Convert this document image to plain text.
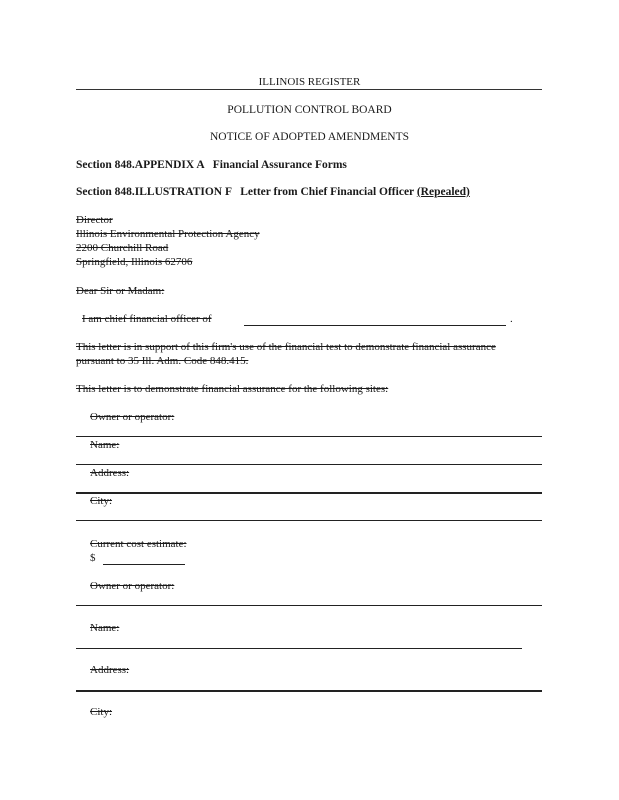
ILLINOIS REGISTER
POLLUTION CONTROL BOARD
NOTICE OF ADOPTED AMENDMENTS
Section 848.APPENDIX A   Financial Assurance Forms
Section 848.ILLUSTRATION F   Letter from Chief Financial Officer (Repealed)
Director
Illinois Environmental Protection Agency
2200 Churchill Road
Springfield, Illinois 62706
Dear Sir or Madam:
I am chief financial officer of	.
This letter is in support of this firm's use of the financial test to demonstrate financial assurance
pursuant to 35 Ill. Adm. Code 848.415.
This letter is to demonstrate financial assurance for the following sites:
Owner or operator:
Name:
Address:
City:
Current cost estimate:
$
Owner or operator:
Name:
Address:
City:
